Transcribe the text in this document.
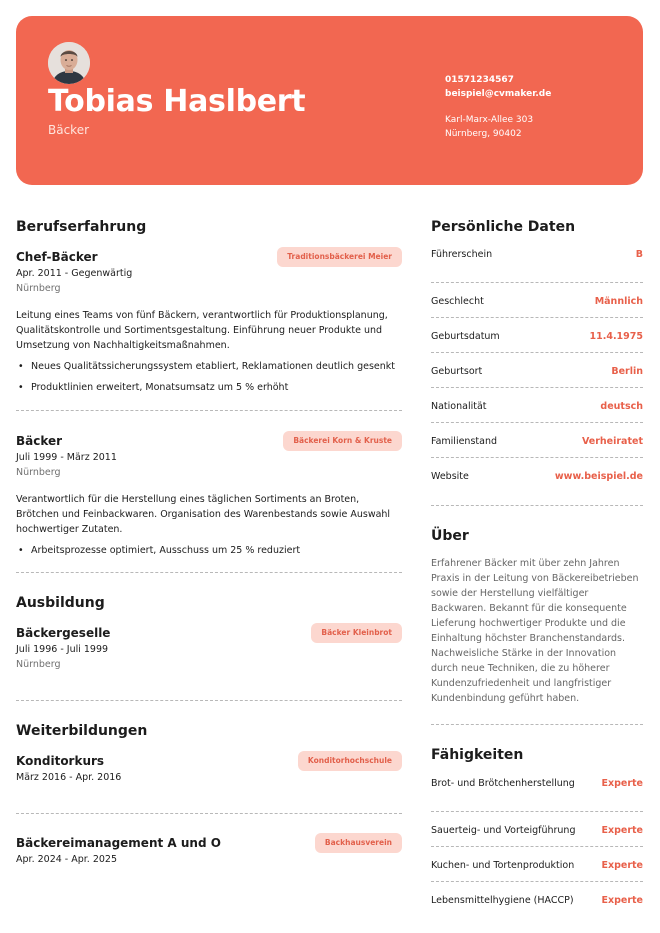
Tobias Haslbert
Bäcker
01571234567
beispiel@cvmaker.de
Karl-Marx-Allee 303
Nürnberg, 90402
Berufserfahrung
Chef-Bäcker	Traditionsbäckerei Meier
Apr. 2011 - Gegenwärtig
Nürnberg
Leitung eines Teams von fünf Bäckern, verantwortlich für Produktionsplanung, Qualitätskontrolle und Sortimentsgestaltung. Einführung neuer Produkte und Umsetzung von Nachhaltigkeitsmaßnahmen.
• Neues Qualitätssicherungssystem etabliert, Reklamationen deutlich gesenkt
• Produktlinien erweitert, Monatsumsatz um 5 % erhöht
Bäcker	Bäckerei Korn & Kruste
Juli 1999 - März 2011
Nürnberg
Verantwortlich für die Herstellung eines täglichen Sortiments an Broten, Brötchen und Feinbackwaren. Organisation des Warenbestands sowie Auswahl hochwertiger Zutaten.
• Arbeitsprozesse optimiert, Ausschuss um 25 % reduziert
Ausbildung
Bäckergeselle	Bäcker Kleinbrot
Juli 1996 - Juli 1999
Nürnberg
Weiterbildungen
Konditorkurs	Konditorhochschule
März 2016 - Apr. 2016
Bäckereimanagement A und O	Backhausverein
Apr. 2024 - Apr. 2025
Persönliche Daten
Führerschein	B
Geschlecht	Männlich
Geburtsdatum	11.4.1975
Geburtsort	Berlin
Nationalität	deutsch
Familienstand	Verheiratet
Website	www.beispiel.de
Über
Erfahrener Bäcker mit über zehn Jahren Praxis in der Leitung von Bäckereibetrieben sowie der Herstellung vielfältiger Backwaren. Bekannt für die konsequente Lieferung hochwertiger Produkte und die Einhaltung höchster Branchenstandards. Nachweisliche Stärke in der Innovation durch neue Techniken, die zu höherer Kundenzufriedenheit und langfristiger Kundenbindung geführt haben.
Fähigkeiten
Brot- und Brötchenherstellung	Experte
Sauerteig- und Vorteigführung	Experte
Kuchen- und Tortenproduktion	Experte
Lebensmittelhygiene (HACCP)	Experte
